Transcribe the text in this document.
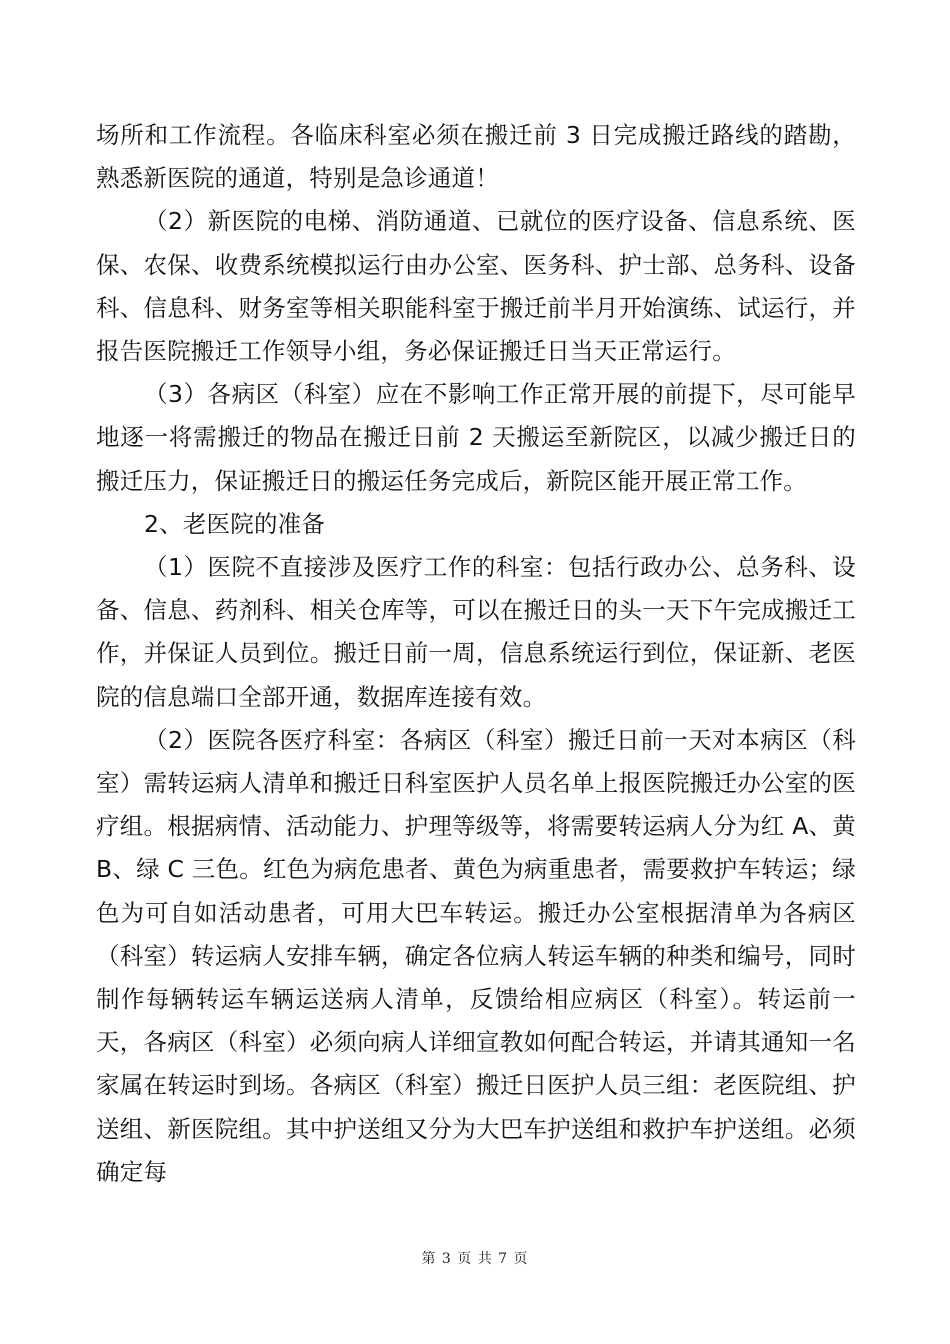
场所和工作流程。各临床科室必须在搬迁前 3 日完成搬迁路线的踏勘，熟悉新医院的通道，特别是急诊通道！

（2）新医院的电梯、消防通道、已就位的医疗设备、信息系统、医保、农保、收费系统模拟运行由办公室、医务科、护士部、总务科、设备科、信息科、财务室等相关职能科室于搬迁前半月开始演练、试运行，并报告医院搬迁工作领导小组，务必保证搬迁日当天正常运行。

（3）各病区（科室）应在不影响工作正常开展的前提下，尽可能早地逐一将需搬迁的物品在搬迁日前 2 天搬运至新院区，以减少搬迁日的搬迁压力，保证搬迁日的搬运任务完成后，新院区能开展正常工作。

2、老医院的准备

（1）医院不直接涉及医疗工作的科室：包括行政办公、总务科、设备、信息、药剂科、相关仓库等，可以在搬迁日的头一天下午完成搬迁工作，并保证人员到位。搬迁日前一周，信息系统运行到位，保证新、老医院的信息端口全部开通，数据库连接有效。

（2）医院各医疗科室：各病区（科室）搬迁日前一天对本病区（科室）需转运病人清单和搬迁日科室医护人员名单上报医院搬迁办公室的医疗组。根据病情、活动能力、护理等级等，将需要转运病人分为红 A、黄 B、绿 C 三色。红色为病危患者、黄色为病重患者，需要救护车转运；绿色为可自如活动患者，可用大巴车转运。搬迁办公室根据清单为各病区（科室）转运病人安排车辆，确定各位病人转运车辆的种类和编号，同时制作每辆转运车辆运送病人清单，反馈给相应病区（科室）。转运前一天，各病区（科室）必须向病人详细宣教如何配合转运，并请其通知一名家属在转运时到场。各病区（科室）搬迁日医护人员三组：老医院组、护送组、新医院组。其中护送组又分为大巴车护送组和救护车护送组。必须确定每

第 3 页 共 7 页
